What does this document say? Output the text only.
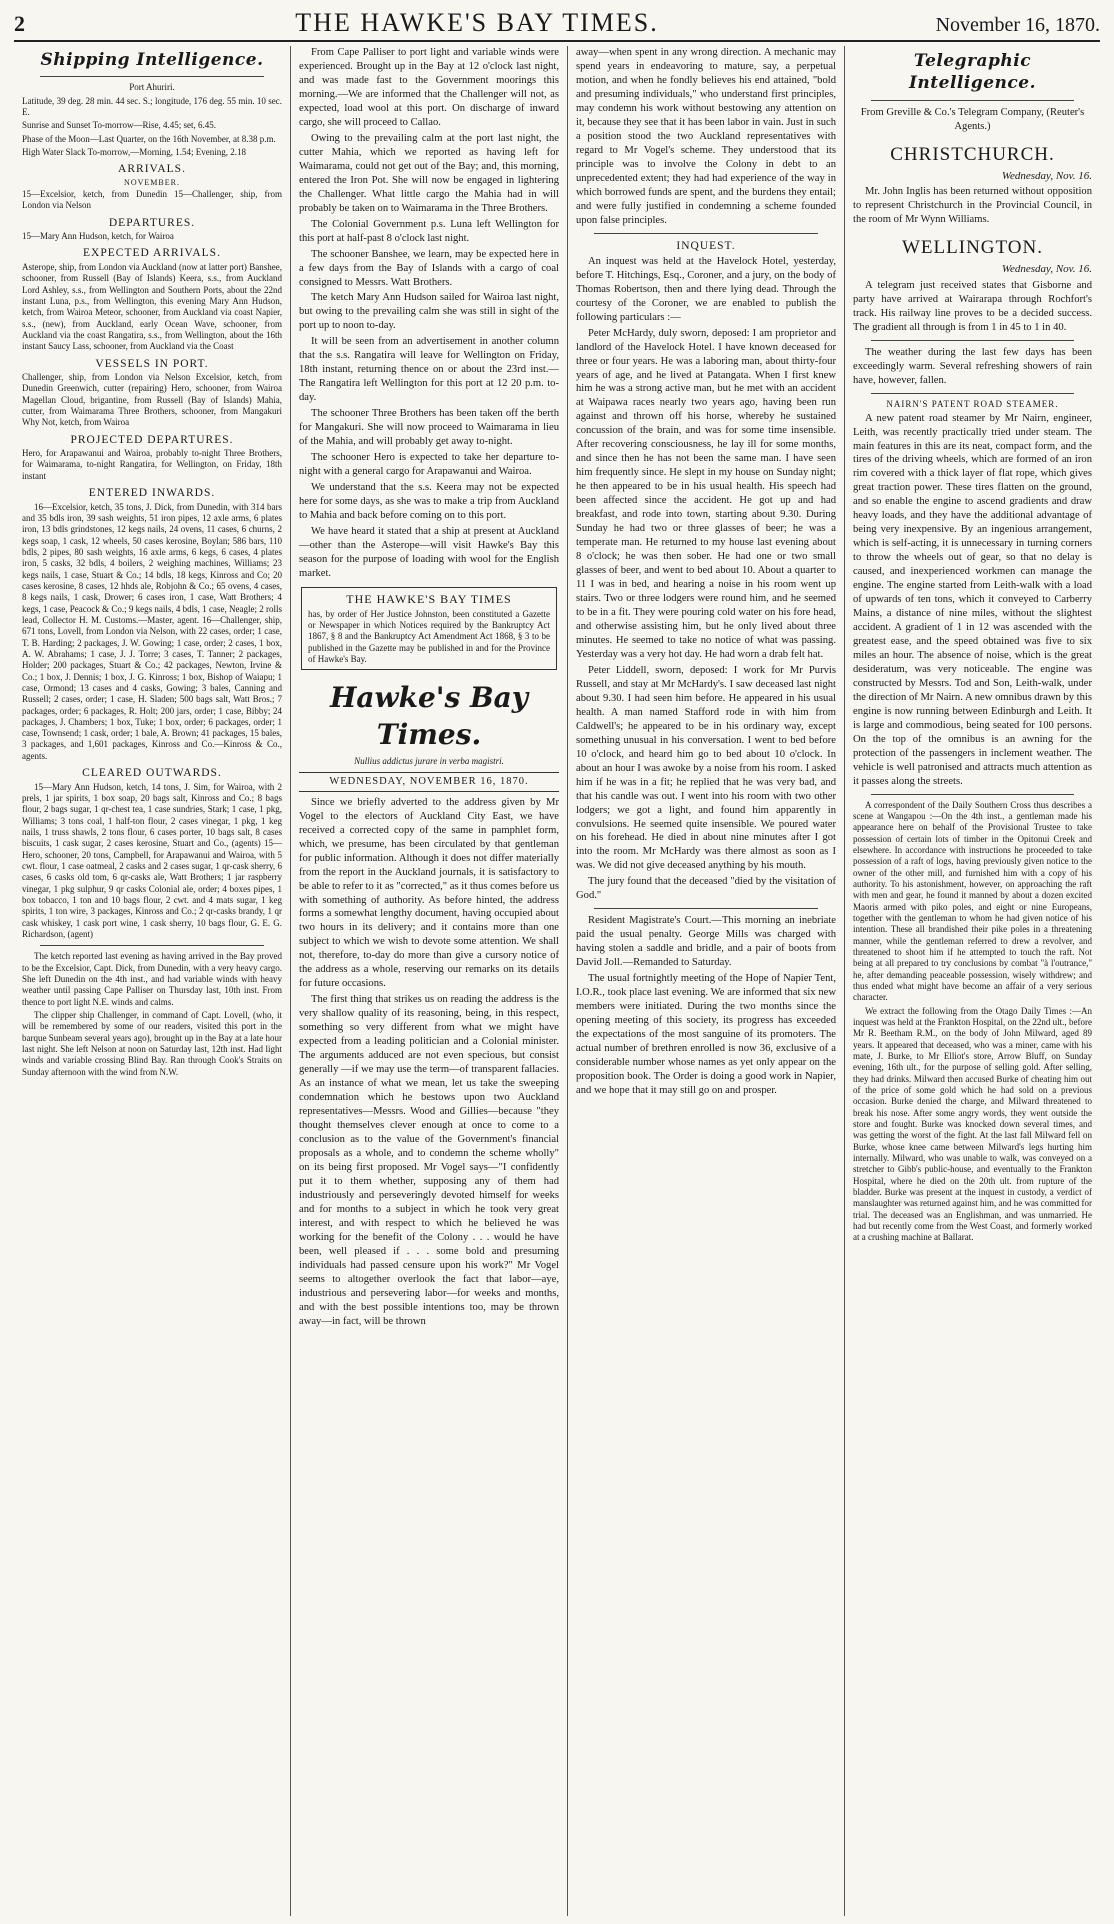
2	THE HAWKE'S BAY TIMES.	November 16, 1870.
Shipping Intelligence.

Port Ahuriri.

Latitude, 39 deg. 28 min. 44 sec. S.; longitude, 176 deg. 55 min. 10 sec. E.

Sunrise and Sunset To-morrow—Rise, 4.45; set, 6.45.

Phase of the Moon—Last Quarter, on the 16th November, at 8.38 p.m.

High Water Slack To-morrow,—Morning, 1.54; Evening, 2.18

ARRIVALS.

NOVEMBER.

15—Excelsior, ketch, from Dunedin 15—Challenger, ship, from London via Nelson

DEPARTURES.

15—Mary Ann Hudson, ketch, for Wairoa

EXPECTED ARRIVALS.

Asterope, ship, from London via Auckland (now at latter port) Banshee, schooner, from Russell (Bay of Islands) Keera, s.s., from Auckland Lord Ashley, s.s., from Wellington and Southern Ports, about the 22nd instant Luna, p.s., from Wellington, this evening Mary Ann Hudson, ketch, from Wairoa Meteor, schooner, from Auckland via coast Napier, s.s., (new), from Auckland, early Ocean Wave, schooner, from Auckland via the coast Rangatira, s.s., from Wellington, about the 16th instant Saucy Lass, schooner, from Auckland via the Coast

VESSELS IN PORT.

Challenger, ship, from London via Nelson Excelsior, ketch, from Dunedin Greenwich, cutter (repairing) Hero, schooner, from Wairoa Magellan Cloud, brigantine, from Russell (Bay of Islands) Mahia, cutter, from Waimarama Three Brothers, schooner, from Mangakuri Why Not, ketch, from Wairoa

PROJECTED DEPARTURES.

Hero, for Arapawanui and Wairoa, probably to-night Three Brothers, for Waimarama, to-night Rangatira, for Wellington, on Friday, 18th instant

ENTERED INWARDS.

16—Excelsior, ketch, 35 tons, J. Dick, from Dunedin, with 314 bars and 35 bdls iron, 39 sash weights, 51 iron pipes, 12 axle arms, 6 plates iron, 13 bdls grindstones, 12 kegs nails, 24 ovens, 11 cases, 6 churns, 2 kegs soap, 1 cask, 12 wheels, 50 cases kerosine, Boylan; 586 bars, 110 bdls, 2 pipes, 80 sash weights, 16 axle arms, 6 kegs, 6 cases, 4 plates iron, 5 casks, 32 bdls, 4 boilers, 2 weighing machines, Williams; 23 kegs nails, 1 case, Stuart & Co.; 14 bdls, 18 kegs, Kinross and Co; 20 cases kerosine, 8 cases, 12 hhds ale, Robjohn & Co.; 65 ovens, 4 cases, 8 kegs nails, 1 cask, Drower; 6 cases iron, 1 case, Watt Brothers; 4 kegs, 1 case, Peacock & Co.; 9 kegs nails, 4 bdls, 1 case, Neagle; 2 rolls lead, Collector H. M. Customs.—Master, agent. 16—Challenger, ship, 671 tons, Lovell, from London via Nelson, with 22 cases, order; 1 case, T. B. Harding; 2 packages, J. W. Gowing; 1 case, order; 2 cases, 1 box, A. W. Abrahams; 1 case, J. J. Torre; 3 cases, T. Tanner; 2 packages, Holder; 200 packages, Stuart & Co.; 42 packages, Newton, Irvine & Co.; 1 box, J. Dennis; 1 box, J. G. Kinross; 1 box, Bishop of Waiapu; 1 case, Ormond; 13 cases and 4 casks, Gowing; 3 bales, Canning and Russell; 2 cases, order; 1 case, H. Sladen; 500 bags salt, Watt Bros.; 7 packages, order; 6 packages, R. Holt; 200 jars, order; 1 case, Bibby; 24 packages, J. Chambers; 1 box, Tuke; 1 box, order; 6 packages, order; 1 case, Townsend; 1 cask, order; 1 bale, A. Brown; 41 packages, 15 bales, 3 packages, and 1,601 packages, Kinross and Co.—Kinross & Co., agents.

CLEARED OUTWARDS.

15—Mary Ann Hudson, ketch, 14 tons, J. Sim, for Wairoa, with 2 prels, 1 jar spirits, 1 box soap, 20 bags salt, Kinross and Co.; 8 bags flour, 2 bags sugar, 1 qr-chest tea, 1 case sundries, Stark; 1 case, 1 pkg, Williams; 3 tons coal, 1 half-ton flour, 2 cases vinegar, 1 pkg, 1 keg nails, 1 truss shawls, 2 tons flour, 6 cases porter, 10 bags salt, 8 cases biscuits, 1 cask sugar, 2 cases kerosine, Stuart and Co., (agents) 15—Hero, schooner, 20 tons, Campbell, for Arapawanui and Wairoa, with 5 cwt. flour, 1 case oatmeal, 2 casks and 2 cases sugar, 1 qr-cask sherry, 6 cases, 6 casks old tom, 6 qr-casks ale, Watt Brothers; 1 jar raspberry vinegar, 1 pkg sulphur, 9 qr casks Colonial ale, order; 4 boxes pipes, 1 box tobacco, 1 ton and 10 bags flour, 2 cwt. and 4 mats sugar, 1 keg spirits, 1 ton wire, 3 packages, Kinross and Co.; 2 qr-casks brandy, 1 qr cask whiskey, 1 cask port wine, 1 cask sherry, 10 bags flour, G. E. G. Richardson, (agent)

The ketch reported last evening as having arrived in the Bay proved to be the Excelsior, Capt. Dick, from Dunedin, with a very heavy cargo. She left Dunedin on the 4th inst., and had variable winds with heavy weather until passing Cape Palliser on Thursday last, 10th inst. From thence to port light N.E. winds and calms.

The clipper ship Challenger, in command of Capt. Lovell, (who, it will be remembered by some of our readers, visited this port in the barque Sunbeam several years ago), brought up in the Bay at a late hour last night. She left Nelson at noon on Saturday last, 12th inst. Had light winds and variable crossing Blind Bay. Ran through Cook's Straits on Sunday afternoon with the wind from N.W.

From Cape Palliser to port light and variable winds were experienced. Brought up in the Bay at 12 o'clock last night, and was made fast to the Government moorings this morning.—We are informed that the Challenger will not, as expected, load wool at this port. On discharge of inward cargo, she will proceed to Callao.

Owing to the prevailing calm at the port last night, the cutter Mahia, which we reported as having left for Waimarama, could not get out of the Bay; and, this morning, entered the Iron Pot. She will now be engaged in lightering the Challenger. What little cargo the Mahia had in will probably be taken on to Waimarama in the Three Brothers.

The Colonial Government p.s. Luna left Wellington for this port at half-past 8 o'clock last night.

The schooner Banshee, we learn, may be expected here in a few days from the Bay of Islands with a cargo of coal consigned to Messrs. Watt Brothers.

The ketch Mary Ann Hudson sailed for Wairoa last night, but owing to the prevailing calm she was still in sight of the port up to noon to-day.

It will be seen from an advertisement in another column that the s.s. Rangatira will leave for Wellington on Friday, 18th instant, returning thence on or about the 23rd inst.—The Rangatira left Wellington for this port at 12 20 p.m. to-day.

The schooner Three Brothers has been taken off the berth for Mangakuri. She will now proceed to Waimarama in lieu of the Mahia, and will probably get away to-night.

The schooner Hero is expected to take her departure to-night with a general cargo for Arapawanui and Wairoa.

We understand that the s.s. Keera may not be expected here for some days, as she was to make a trip from Auckland to Mahia and back before coming on to this port.

We have heard it stated that a ship at present at Auckland—other than the Asterope—will visit Hawke's Bay this season for the purpose of loading with wool for the English market.

THE HAWKE'S BAY TIMES
has, by order of Her Justice Johnston, been constituted a Gazette or Newspaper in which Notices required by the Bankruptcy Act 1867, § 8 and the Bankruptcy Act Amendment Act 1868, § 3 to be published in the Gazette may be published in and for the Province of Hawke's Bay.
Hawke's Bay Times.
Nullius addictus jurare in verba magistri.
WEDNESDAY, NOVEMBER 16, 1870.

Since we briefly adverted to the address given by Mr Vogel to the electors of Auckland City East, we have received a corrected copy of the same in pamphlet form, which, we presume, has been circulated by that gentleman for public information. Although it does not differ materially from the report in the Auckland journals, it is satisfactory to be able to refer to it as "corrected," as it thus comes before us with something of authority. As before hinted, the address forms a somewhat lengthy document, having occupied about two hours in its delivery; and it contains more than one subject to which we wish to devote some attention. We shall not, therefore, to-day do more than give a cursory notice of the address as a whole, reserving our remarks on its details for future occasions.

The first thing that strikes us on reading the address is the very shallow quality of its reasoning, being, in this respect, something so very different from what we might have expected from a leading politician and a Colonial minister. The arguments adduced are not even specious, but consist generally —if we may use the term—of transparent fallacies. As an instance of what we mean, let us take the sweeping condemnation which he bestows upon two Auckland representatives—Messrs. Wood and Gillies—because "they thought themselves clever enough at once to come to a conclusion as to the value of the Government's financial proposals as a whole, and to condemn the scheme wholly" on its being first proposed. Mr Vogel says—"I confidently put it to them whether, supposing any of them had industriously and perseveringly devoted himself for weeks and for months to a subject in which he took very great interest, and with respect to which he believed he was working for the benefit of the Colony . . . would he have been, well pleased if . . . some bold and presuming individuals had passed censure upon his work?" Mr Vogel seems to altogether overlook the fact that labor—aye, industrious and persevering labor—for weeks and months, and with the best possible intentions too, may be thrown away—in fact, will be thrown

away—when spent in any wrong direction. A mechanic may spend years in endeavoring to mature, say, a perpetual motion, and when he fondly believes his end attained, "bold and presuming individuals," who understand first principles, may condemn his work without bestowing any attention on it, because they see that it has been labor in vain. Just in such a position stood the two Auckland representatives with regard to Mr Vogel's scheme. They understood that its principle was to involve the Colony in debt to an unprecedented extent; they had had experience of the way in which borrowed funds are spent, and the burdens they entail; and were fully justified in condemning a scheme founded upon false principles.

INQUEST.

An inquest was held at the Havelock Hotel, yesterday, before T. Hitchings, Esq., Coroner, and a jury, on the body of Thomas Robertson, then and there lying dead. Through the courtesy of the Coroner, we are enabled to publish the following particulars :—

Peter McHardy, duly sworn, deposed: I am proprietor and landlord of the Havelock Hotel. I have known deceased for three or four years. He was a laboring man, about thirty-four years of age, and he lived at Patangata. When I first knew him he was a strong active man, but he met with an accident at Waipawa races nearly two years ago, having been run against and thrown off his horse, whereby he sustained concussion of the brain, and was for some time insensible. After recovering consciousness, he lay ill for some months, and since then he has not been the same man. I have seen him frequently since. He slept in my house on Sunday night; he then appeared to be in his usual health. His speech had been affected since the accident. He got up and had breakfast, and rode into town, starting about 9.30. During Sunday he had two or three glasses of beer; he was a temperate man. He returned to my house last evening about 8 o'clock; he was then sober. He had one or two small glasses of beer, and went to bed about 10. About a quarter to 11 I was in bed, and hearing a noise in his room went up stairs. Two or three lodgers were round him, and he seemed to be in a fit. They were pouring cold water on his fore head, and otherwise assisting him, but he only lived about three minutes. He seemed to take no notice of what was passing. Yesterday was a very hot day. He had worn a drab felt hat.

Peter Liddell, sworn, deposed: I work for Mr Purvis Russell, and stay at Mr McHardy's. I saw deceased last night about 9.30. I had seen him before. He appeared in his usual health. A man named Stafford rode in with him from Caldwell's; he appeared to be in his ordinary way, except something unusual in his conversation. I went to bed before 10 o'clock, and heard him go to bed about 10 o'clock. In about an hour I was awoke by a noise from his room. I asked him if he was in a fit; he replied that he was very bad, and that his candle was out. I went into his room with two other lodgers; we got a light, and found him apparently in convulsions. He seemed quite insensible. We poured water on his forehead. He died in about nine minutes after I got into the room. Mr McHardy was there almost as soon as I was. We did not give deceased anything by his mouth.

The jury found that the deceased "died by the visitation of God."

Resident Magistrate's Court.—This morning an inebriate paid the usual penalty. George Mills was charged with having stolen a saddle and bridle, and a pair of boots from David Joll.—Remanded to Saturday.

The usual fortnightly meeting of the Hope of Napier Tent, I.O.R., took place last evening. We are informed that six new members were initiated. During the two months since the opening meeting of this society, its progress has exceeded the expectations of the most sanguine of its promoters. The actual number of brethren enrolled is now 36, exclusive of a considerable number whose names as yet only appear on the proposition book. The Order is doing a good work in Napier, and we hope that it may still go on and prosper.

Telegraphic Intelligence.

From Greville & Co.'s Telegram Company, (Reuter's Agents.)

CHRISTCHURCH.

Wednesday, Nov. 16.

Mr. John Inglis has been returned without opposition to represent Christchurch in the Provincial Council, in the room of Mr Wynn Williams.

WELLINGTON.

Wednesday, Nov. 16.

A telegram just received states that Gisborne and party have arrived at Wairarapa through Rochfort's track. His railway line proves to be a decided success. The gradient all through is from 1 in 45 to 1 in 40.

The weather during the last few days has been exceedingly warm. Several refreshing showers of rain have, however, fallen.

NAIRN'S PATENT ROAD STEAMER.

A new patent road steamer by Mr Nairn, engineer, Leith, was recently practically tried under steam. The main features in this are its neat, compact form, and the tires of the driving wheels, which are formed of an iron rim covered with a thick layer of flat rope, which gives great traction power. These tires flatten on the ground, and so enable the engine to ascend gradients and draw heavy loads, and they have the additional advantage of being very inexpensive. By an ingenious arrangement, which is self-acting, it is unnecessary in turning corners to throw the wheels out of gear, so that no delay is caused, and inexperienced workmen can manage the engine. The engine started from Leith-walk with a load of upwards of ten tons, which it conveyed to Carberry Mains, a distance of nine miles, without the slightest accident. A gradient of 1 in 12 was ascended with the greatest ease, and the speed obtained was five to six miles an hour. The absence of noise, which is the great desideratum, was very noticeable. The engine was constructed by Messrs. Tod and Son, Leith-walk, under the direction of Mr Nairn. A new omnibus drawn by this engine is now running between Edinburgh and Leith. It is large and commodious, being seated for 100 persons. On the top of the omnibus is an awning for the protection of the passengers in inclement weather. The vehicle is well patronised and attracts much attention as it passes along the streets.

A correspondent of the Daily Southern Cross thus describes a scene at Wangapou :—On the 4th inst., a gentleman made his appearance here on behalf of the Provisional Trustee to take possession of certain lots of timber in the Opitonui Creek and elsewhere. In accordance with instructions he proceeded to take possession of a raft of logs, having previously given notice to the owner of the other mill, and furnished him with a copy of his authority. To his astonishment, however, on approaching the raft with men and gear, he found it manned by about a dozen excited Maoris armed with piko poles, and eight or nine Europeans, together with the gentleman to whom he had given notice of his intention. These all brandished their pike poles in a threatening manner, while the gentleman referred to drew a revolver, and threatened to shoot him if he attempted to touch the raft. Not being at all prepared to try conclusions by combat "à l'outrance," he, after demanding peaceable possession, wisely withdrew; and thus ended what might have become an affair of a very serious character.

We extract the following from the Otago Daily Times :—An inquest was held at the Frankton Hospital, on the 22nd ult., before Mr R. Beetham R.M., on the body of John Milward, aged 89 years. It appeared that deceased, who was a miner, came with his mate, J. Burke, to Mr Elliot's store, Arrow Bluff, on Sunday evening, 16th ult., for the purpose of selling gold. After selling, they had drinks. Milward then accused Burke of cheating him out of the price of some gold which he had sold on a previous occasion. Burke denied the charge, and Milward threatened to break his nose. After some angry words, they went outside the store and fought. Burke was knocked down several times, and was getting the worst of the fight. At the last fall Milward fell on Burke, whose knee came between Milward's legs hurting him internally. Milward, who was unable to walk, was conveyed on a stretcher to Gibb's public-house, and eventually to the Frankton Hospital, where he died on the 20th ult. from rupture of the bladder. Burke was present at the inquest in custody, a verdict of manslaughter was returned against him, and he was committed for trial. The deceased was an Englishman, and was unmarried. He had but recently come from the West Coast, and formerly worked at a crushing machine at Ballarat.
